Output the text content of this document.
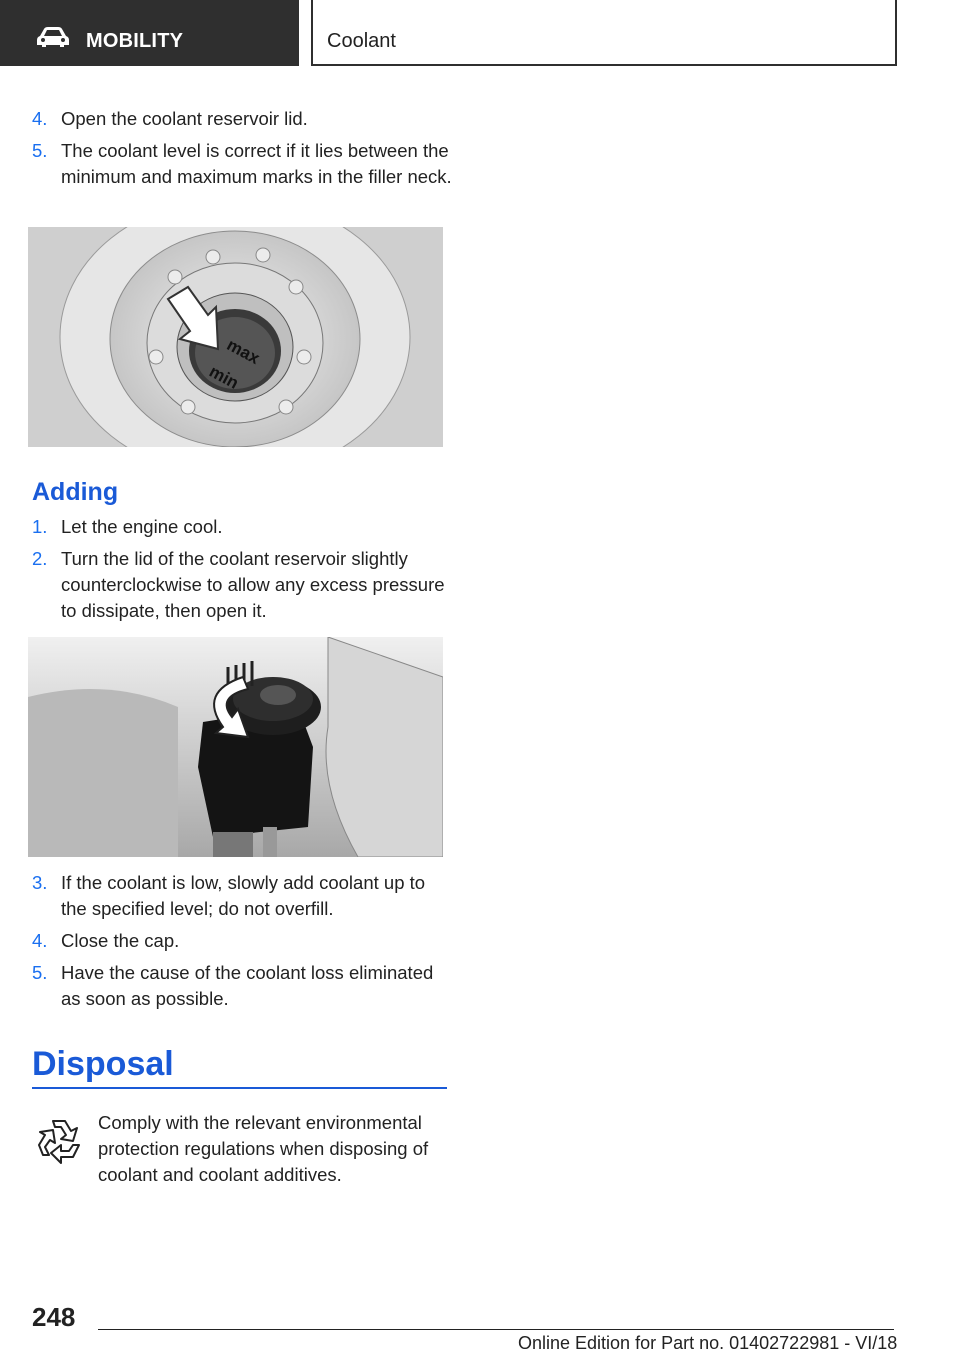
MOBILITY	Coolant
4. Open the coolant reservoir lid.
5. The coolant level is correct if it lies between the minimum and maximum marks in the filler neck.
max
min
Adding
1. Let the engine cool.
2. Turn the lid of the coolant reservoir slightly counterclockwise to allow any excess pressure to dissipate, then open it.
3. If the coolant is low, slowly add coolant up to the specified level; do not overfill.
4. Close the cap.
5. Have the cause of the coolant loss eliminated as soon as possible.
Disposal
Comply with the relevant environmental protection regulations when disposing of coolant and coolant additives.
248
Online Edition for Part no. 01402722981 - VI/18
